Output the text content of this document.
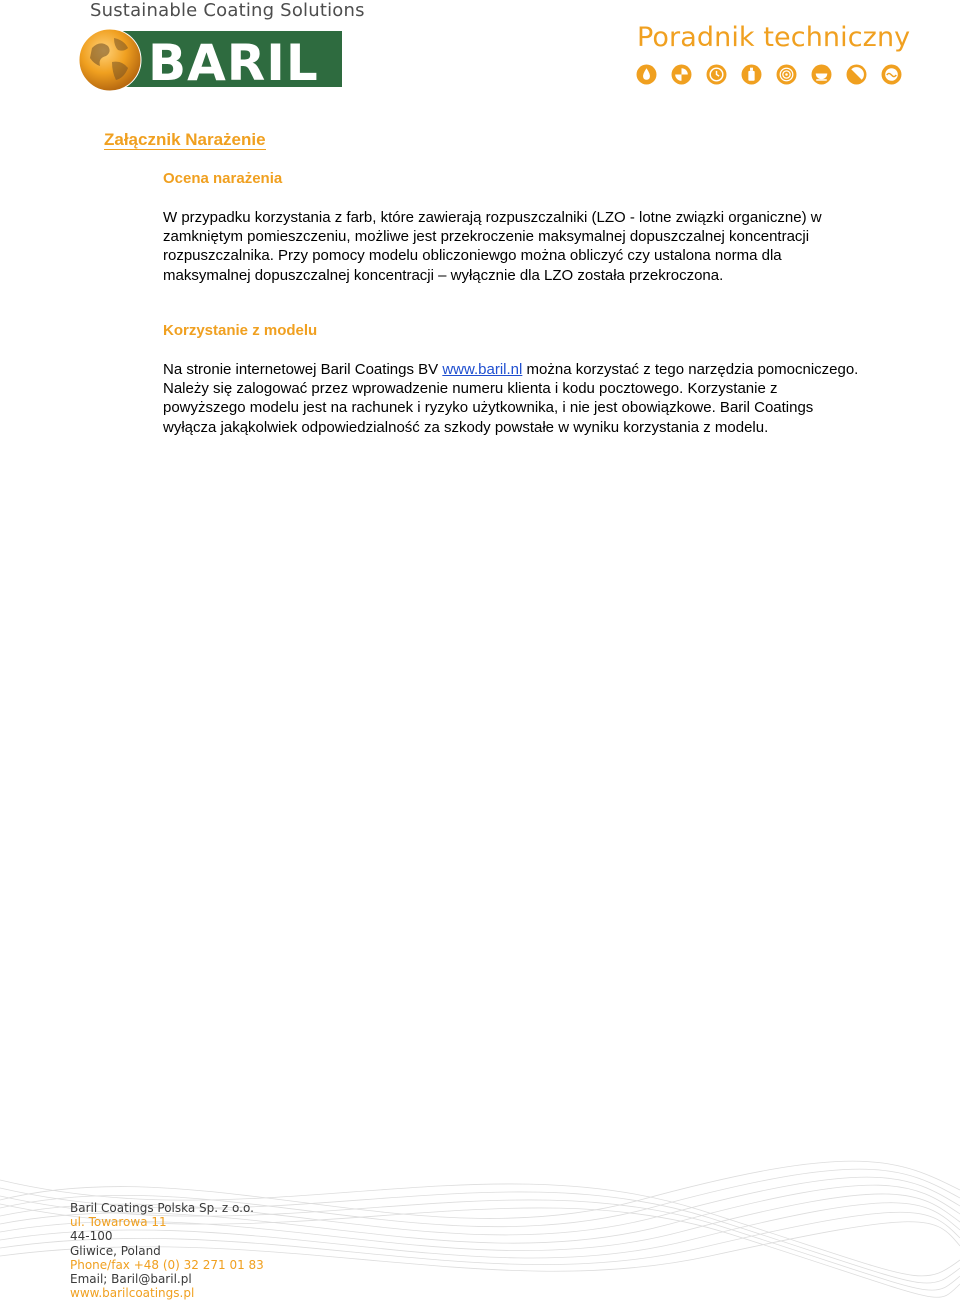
Sustainable Coating Solutions
BARIL	Poradnik techniczny
Załącznik Narażenie
Ocena narażenia
W przypadku korzystania z farb, które zawierają rozpuszczalniki (LZO - lotne związki organiczne) w zamkniętym pomieszczeniu, możliwe jest przekroczenie maksymalnej dopuszczalnej koncentracji rozpuszczalnika. Przy pomocy modelu obliczoniewgo można obliczyć czy ustalona norma dla maksymalnej dopuszczalnej koncentracji – wyłącznie dla LZO została przekroczona.
Korzystanie z modelu
Na stronie internetowej Baril Coatings BV www.baril.nl można korzystać z tego narzędzia pomocniczego. Należy się zalogować przez wprowadzenie numeru klienta i kodu pocztowego. Korzystanie z powyższego modelu jest na rachunek i ryzyko użytkownika, i nie jest obowiązkowe. Baril Coatings wyłącza jakąkolwiek odpowiedzialność za szkody powstałe w wyniku korzystania z modelu.
Baril Coatings Polska Sp. z o.o.
ul. Towarowa 11
44-100
Gliwice, Poland
Phone/fax +48 (0) 32 271 01 83
Email; Baril@baril.pl
www.barilcoatings.pl
